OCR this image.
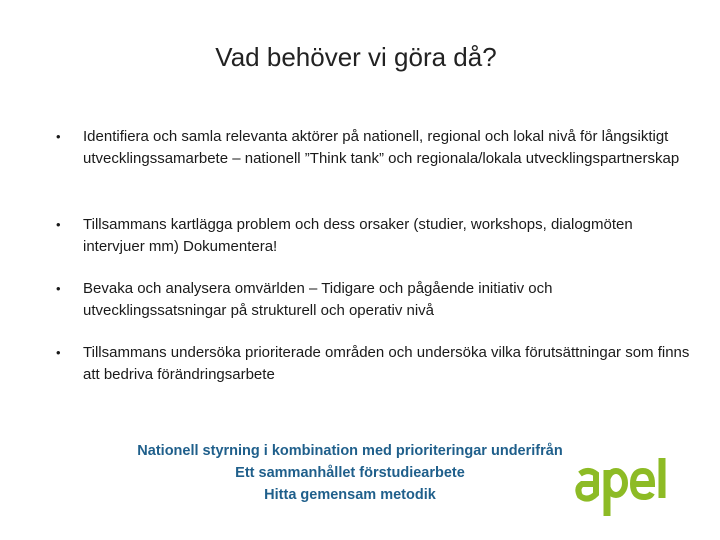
Vad behöver vi göra då?
• Identifiera och samla relevanta aktörer på nationell, regional och lokal nivå för långsiktigt utvecklingssamarbete – nationell ”Think tank” och regionala/lokala utvecklingspartnerskap
• Tillsammans kartlägga problem och dess orsaker (studier, workshops, dialogmöten intervjuer mm) Dokumentera!
• Bevaka och analysera omvärlden – Tidigare och pågående initiativ och utvecklingssatsningar på strukturell och operativ nivå
• Tillsammans undersöka prioriterade områden och undersöka vilka förutsättningar som finns att bedriva förändringsarbete
Nationell styrning i kombination med prioriteringar underifrån
Ett sammanhållet förstudiearbete
Hitta gemensam metodik
